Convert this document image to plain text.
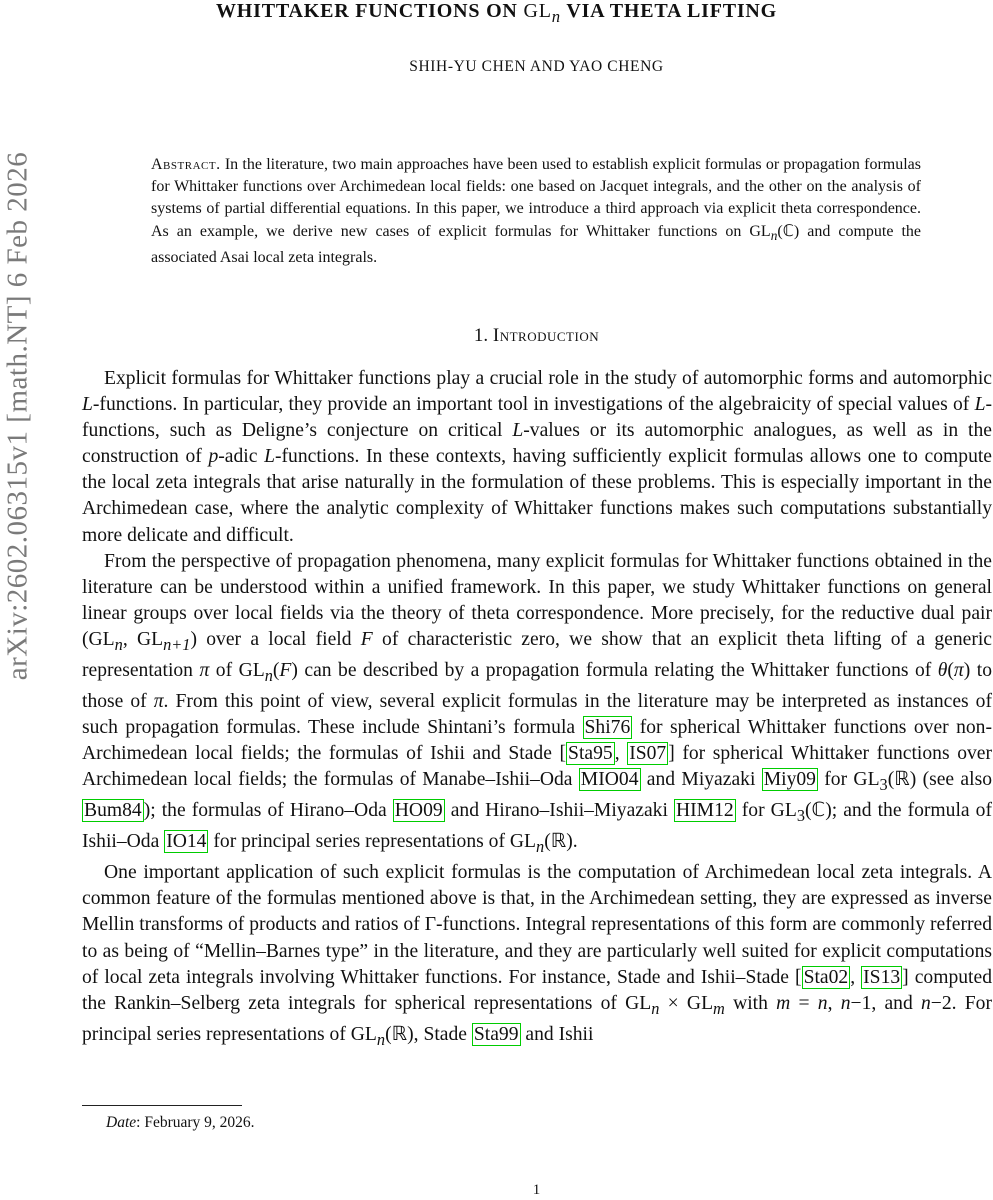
arXiv:2602.06315v1 [math.NT] 6 Feb 2026
WHITTAKER FUNCTIONS ON $GL_n$ VIA THETA LIFTING
SHIH-YU CHEN AND YAO CHENG
Abstract. In the literature, two main approaches have been used to establish explicit formulas or propagation formulas for Whittaker functions over Archimedean local fields: one based on Jacquet integrals, and the other on the analysis of systems of partial differential equations. In this paper, we introduce a third approach via explicit theta correspondence. As an example, we derive new cases of explicit formulas for Whittaker functions on $GL_n(ℂ)$ and compute the associated Asai local zeta integrals.
1. Introduction

Explicit formulas for Whittaker functions play a crucial role in the study of automorphic forms and automorphic L-functions. In particular, they provide an important tool in investigations of the algebraicity of special values of L-functions, such as Deligne’s conjecture on critical L-values or its automorphic analogues, as well as in the construction of p-adic L-functions. In these contexts, having sufficiently explicit formulas allows one to compute the local zeta integrals that arise naturally in the formulation of these problems. This is especially important in the Archimedean case, where the analytic complexity of Whittaker functions makes such computations substantially more delicate and difficult.

From the perspective of propagation phenomena, many explicit formulas for Whittaker functions obtained in the literature can be understood within a unified framework. In this paper, we study Whittaker functions on general linear groups over local fields via the theory of theta correspondence. More precisely, for the reductive dual pair ($GL_n$, $GL_{n+1}$) over a local field F of characteristic zero, we show that an explicit theta lifting of a generic representation π of $GL_n(F)$ can be described by a propagation formula relating the Whittaker functions of θ(π) to those of π. From this point of view, several explicit formulas in the literature may be interpreted as instances of such propagation formulas. These include Shintani’s formula Shi76 for spherical Whittaker functions over non-Archimedean local fields; the formulas of Ishii and Stade [ Sta95 , IS07 ] for spherical Whittaker functions over Archimedean local fields; the formulas of Manabe–Ishii–Oda MIO04 and Miyazaki Miy09 for $GL_3(ℝ)$ (see also Bum84 ); the formulas of Hirano–Oda HO09 and Hirano–Ishii–Miyazaki HIM12 for $GL_3(ℂ)$; and the formula of Ishii–Oda IO14 for principal series representations of $GL_n(ℝ)$.

One important application of such explicit formulas is the computation of Archimedean local zeta integrals. A common feature of the formulas mentioned above is that, in the Archimedean setting, they are expressed as inverse Mellin transforms of products and ratios of Γ-functions. Integral representations of this form are commonly referred to as being of “Mellin–Barnes type” in the literature, and they are particularly well suited for explicit computations of local zeta integrals involving Whittaker functions. For instance, Stade and Ishii–Stade [ Sta02 , IS13 ] computed the Rankin–Selberg zeta integrals for spherical representations of $GL_n \times GL_m$ with m = n, n−1, and n−2. For principal series representations of $GL_n(ℝ)$, Stade Sta99 and Ishii

Date: February 9, 2026.
1
